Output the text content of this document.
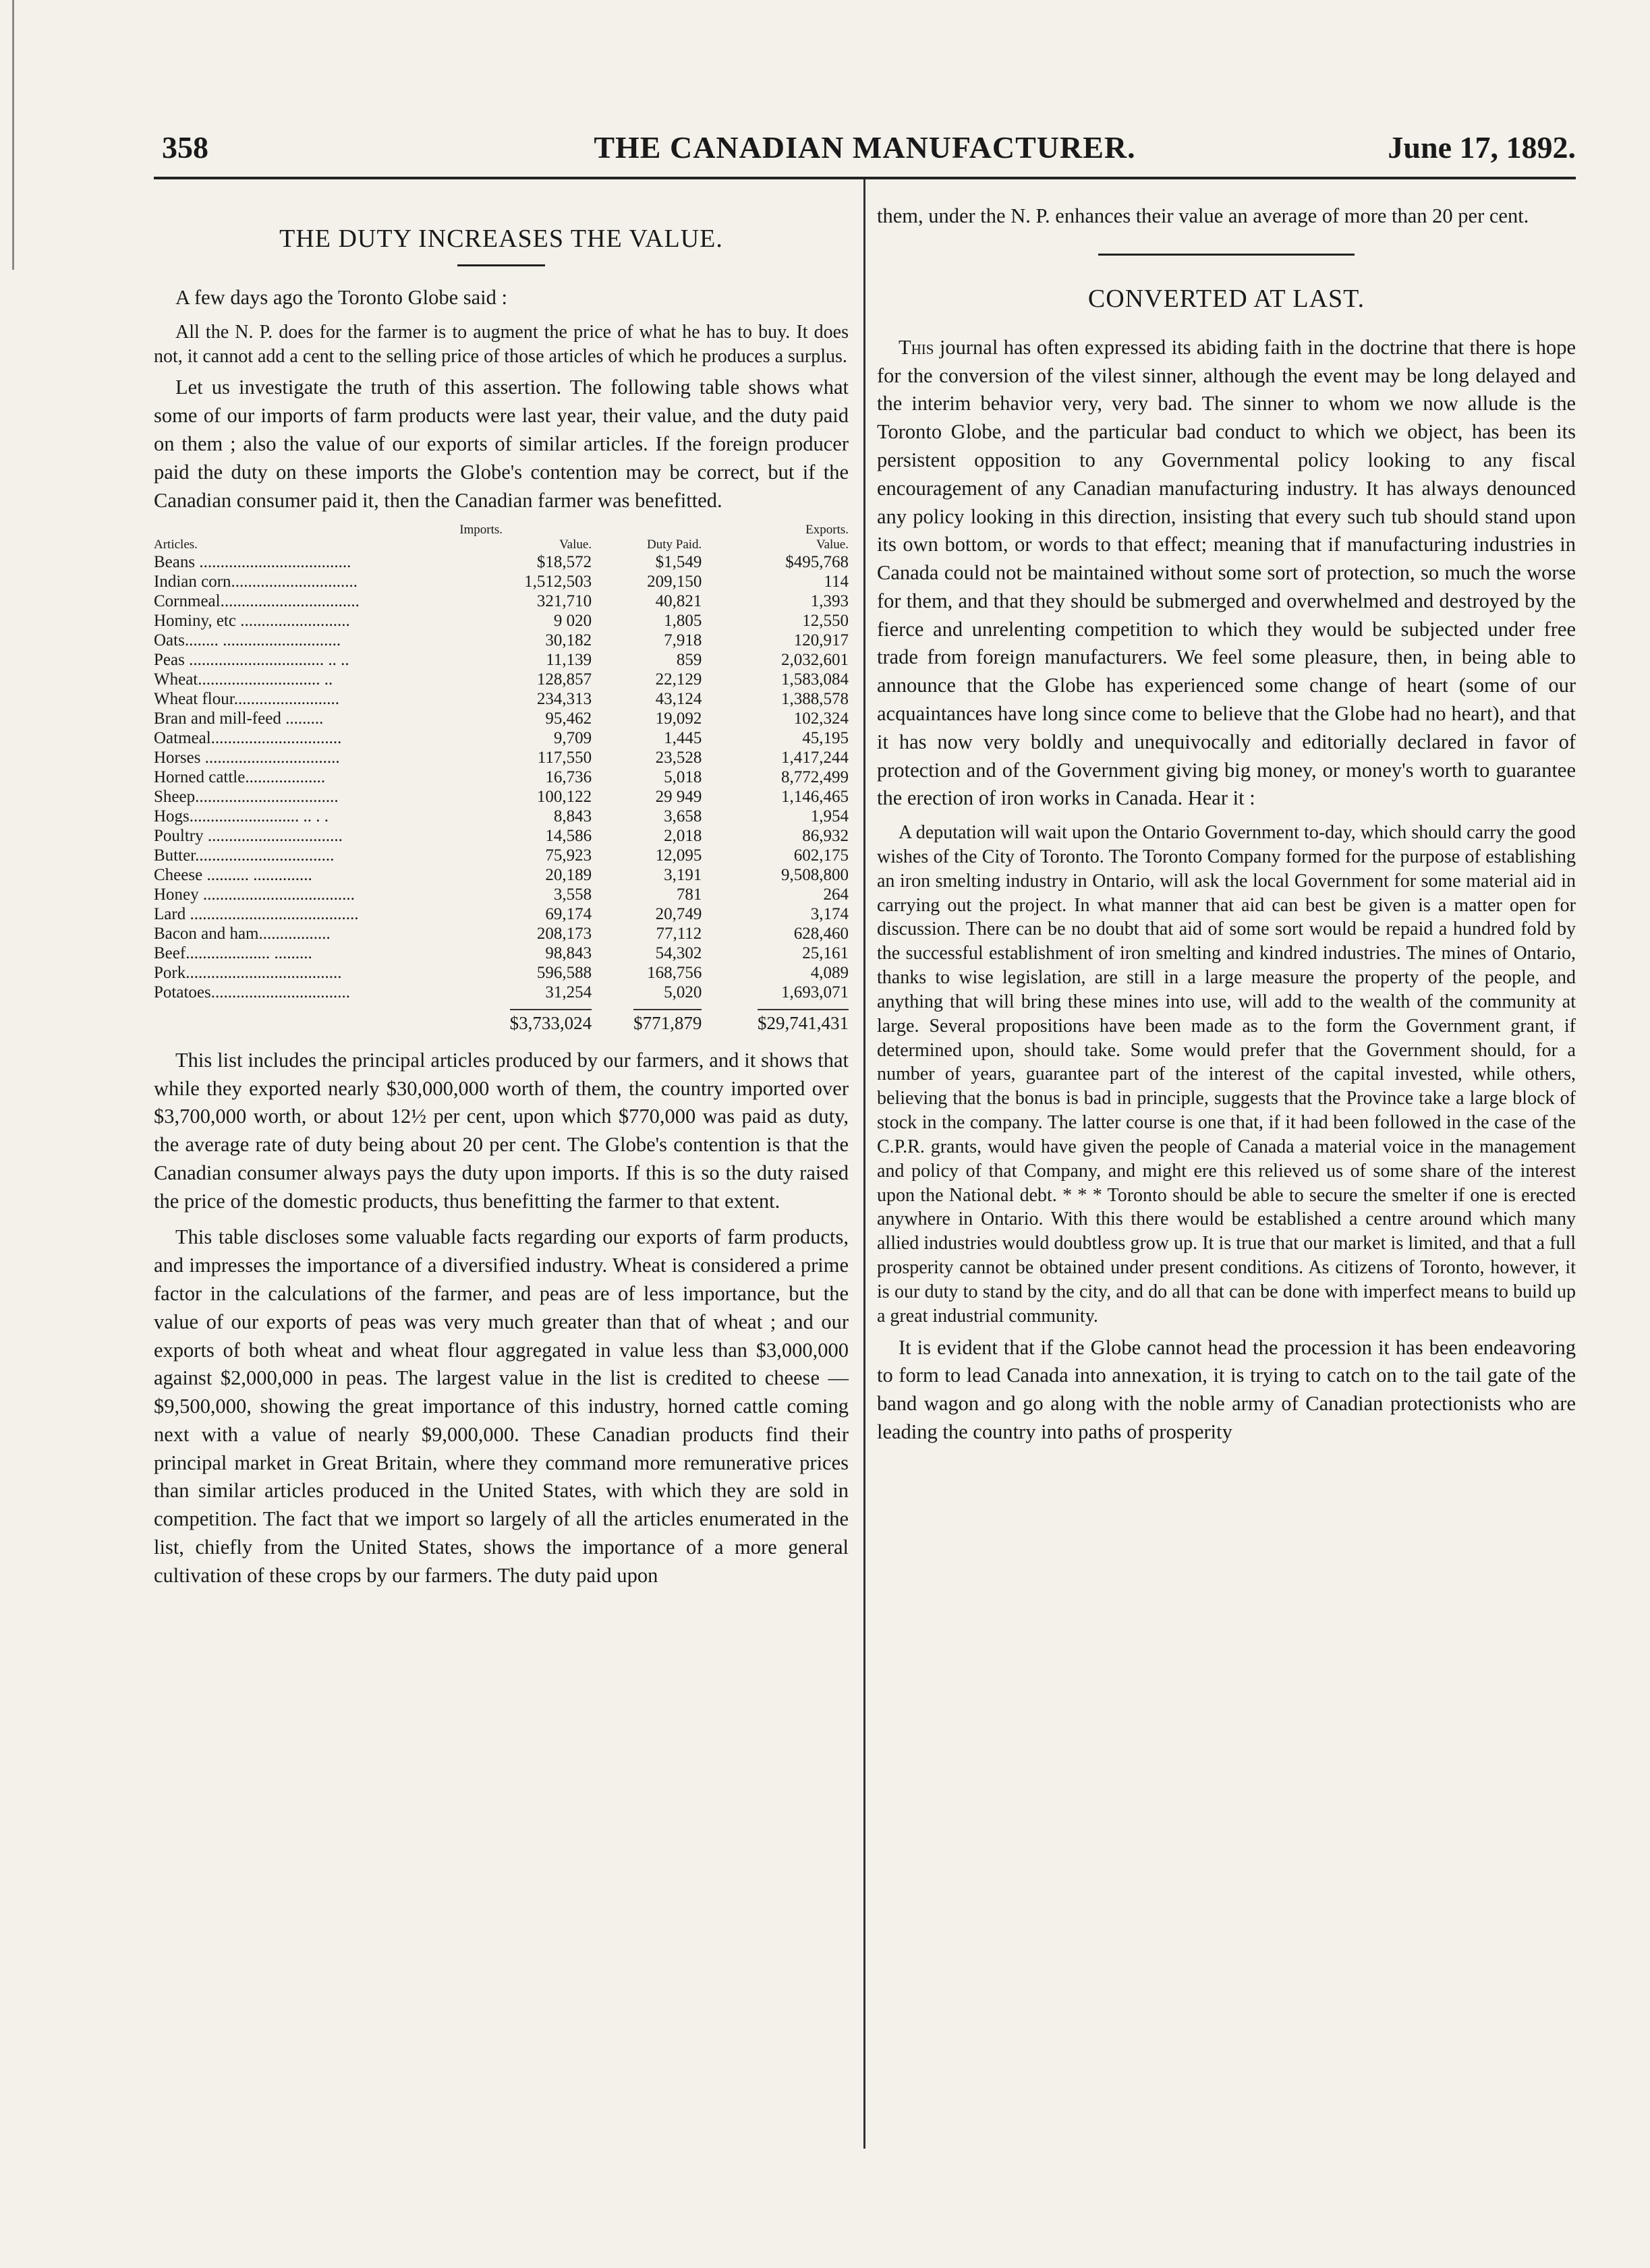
358	THE CANADIAN MANUFACTURER.	June 17, 1892.
THE DUTY INCREASES THE VALUE.

A few days ago the Toronto Globe said :

All the N. P. does for the farmer is to augment the price of what he has to buy. It does not, it cannot add a cent to the selling price of those articles of which he produces a surplus.

Let us investigate the truth of this assertion. The following table shows what some of our imports of farm products were last year, their value, and the duty paid on them ; also the value of our exports of similar articles. If the foreign producer paid the duty on these imports the Globe's contention may be correct, but if the Canadian consumer paid it, then the Canadian farmer was benefitted.

	Imports.		Exports.
Articles.	Value.	Duty Paid.	Value.
Beans ....................................	$18,572	$1,549	$495,768
Indian corn..............................	1,512,503	209,150	114
Cornmeal.................................	321,710	40,821	1,393
Hominy, etc ..........................	9 020	1,805	12,550
Oats........ ............................	30,182	7,918	120,917
Peas ................................ .. ..	11,139	859	2,032,601
Wheat............................. ..	128,857	22,129	1,583,084
Wheat flour.........................	234,313	43,124	1,388,578
Bran and mill-feed .........	95,462	19,092	102,324
Oatmeal...............................	9,709	1,445	45,195
Horses ................................	117,550	23,528	1,417,244
Horned cattle...................	16,736	5,018	8,772,499
Sheep..................................	100,122	29 949	1,146,465
Hogs.......................... .. . .	8,843	3,658	1,954
Poultry ................................	14,586	2,018	86,932
Butter.................................	75,923	12,095	602,175
Cheese .......... ..............	20,189	3,191	9,508,800
Honey ....................................	3,558	781	264
Lard ........................................	69,174	20,749	3,174
Bacon and ham.................	208,173	77,112	628,460
Beef.................... .........	98,843	54,302	25,161
Pork.....................................	596,588	168,756	4,089
Potatoes.................................	31,254	5,020	1,693,071
	$3,733,024	$771,879	$29,741,431

This list includes the principal articles produced by our farmers, and it shows that while they exported nearly $30,000,000 worth of them, the country imported over $3,700,000 worth, or about 12½ per cent, upon which $770,000 was paid as duty, the average rate of duty being about 20 per cent. The Globe's contention is that the Canadian consumer always pays the duty upon imports. If this is so the duty raised the price of the domestic products, thus benefitting the farmer to that extent.

This table discloses some valuable facts regarding our exports of farm products, and impresses the importance of a diversified industry. Wheat is considered a prime factor in the calculations of the farmer, and peas are of less importance, but the value of our exports of peas was very much greater than that of wheat ; and our exports of both wheat and wheat flour aggregated in value less than $3,000,000 against $2,000,000 in peas. The largest value in the list is credited to cheese —$9,500,000, showing the great importance of this industry, horned cattle coming next with a value of nearly $9,000,000. These Canadian products find their principal market in Great Britain, where they command more remunerative prices than similar articles produced in the United States, with which they are sold in competition. The fact that we import so largely of all the articles enumerated in the list, chiefly from the United States, shows the importance of a more general cultivation of these crops by our farmers. The duty paid upon

them, under the N. P. enhances their value an average of more than 20 per cent.

CONVERTED AT LAST.

This journal has often expressed its abiding faith in the doctrine that there is hope for the conversion of the vilest sinner, although the event may be long delayed and the interim behavior very, very bad. The sinner to whom we now allude is the Toronto Globe, and the particular bad conduct to which we object, has been its persistent opposition to any Governmental policy looking to any fiscal encouragement of any Canadian manufacturing industry. It has always denounced any policy looking in this direction, insisting that every such tub should stand upon its own bottom, or words to that effect; meaning that if manufacturing industries in Canada could not be maintained without some sort of protection, so much the worse for them, and that they should be submerged and overwhelmed and destroyed by the fierce and unrelenting competition to which they would be subjected under free trade from foreign manufacturers. We feel some pleasure, then, in being able to announce that the Globe has experienced some change of heart (some of our acquaintances have long since come to believe that the Globe had no heart), and that it has now very boldly and unequivocally and editorially declared in favor of protection and of the Government giving big money, or money's worth to guarantee the erection of iron works in Canada. Hear it :

A deputation will wait upon the Ontario Government to-day, which should carry the good wishes of the City of Toronto. The Toronto Company formed for the purpose of establishing an iron smelting industry in Ontario, will ask the local Government for some material aid in carrying out the project. In what manner that aid can best be given is a matter open for discussion. There can be no doubt that aid of some sort would be repaid a hundred fold by the successful establishment of iron smelting and kindred industries. The mines of Ontario, thanks to wise legislation, are still in a large measure the property of the people, and anything that will bring these mines into use, will add to the wealth of the community at large. Several propositions have been made as to the form the Government grant, if determined upon, should take. Some would prefer that the Government should, for a number of years, guarantee part of the interest of the capital invested, while others, believing that the bonus is bad in principle, suggests that the Province take a large block of stock in the company. The latter course is one that, if it had been followed in the case of the C.P.R. grants, would have given the people of Canada a material voice in the management and policy of that Company, and might ere this relieved us of some share of the interest upon the National debt. * * * Toronto should be able to secure the smelter if one is erected anywhere in Ontario. With this there would be established a centre around which many allied industries would doubtless grow up. It is true that our market is limited, and that a full prosperity cannot be obtained under present conditions. As citizens of Toronto, however, it is our duty to stand by the city, and do all that can be done with imperfect means to build up a great industrial community.

It is evident that if the Globe cannot head the procession it has been endeavoring to form to lead Canada into annexation, it is trying to catch on to the tail gate of the band wagon and go along with the noble army of Canadian protectionists who are leading the country into paths of prosperity
